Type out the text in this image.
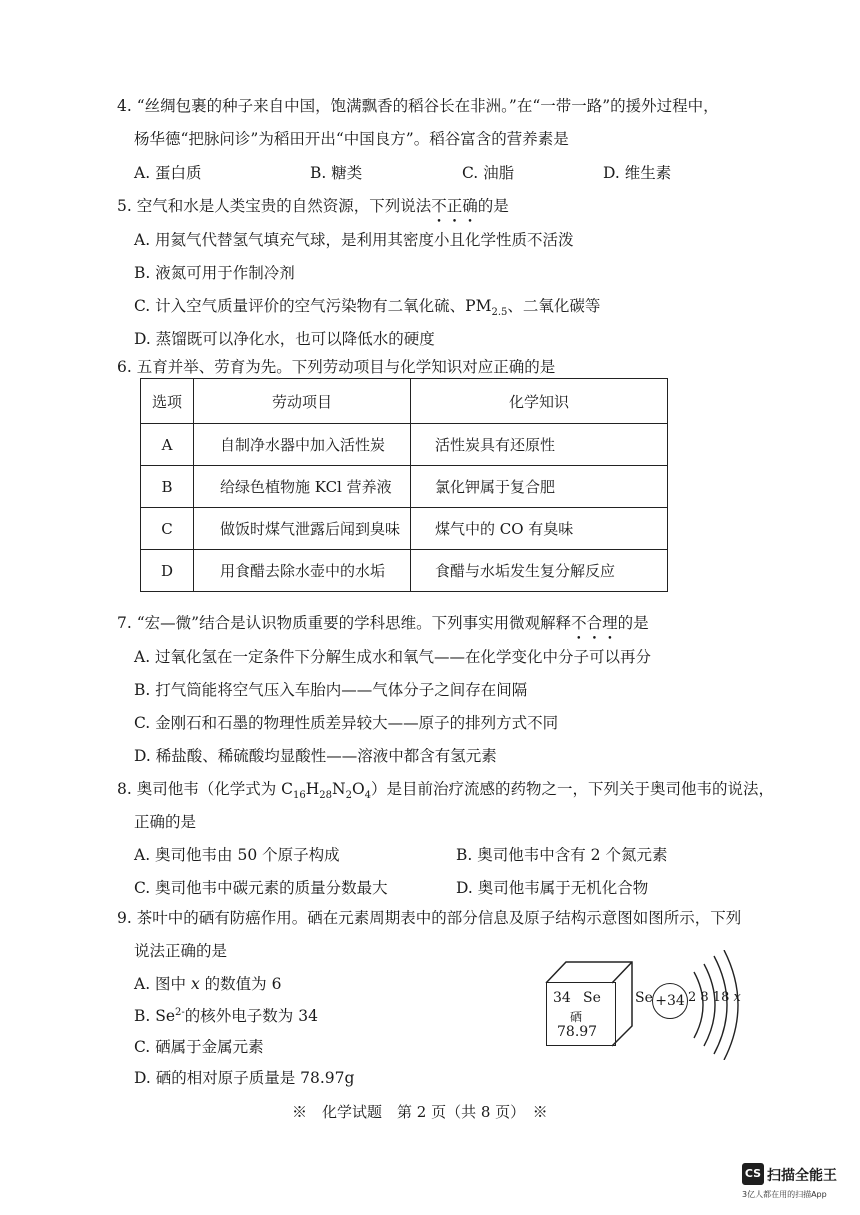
4. “丝绸包裹的种子来自中国，饱满飘香的稻谷长在非洲。”在“一带一路”的援外过程中，
杨华德“把脉问诊”为稻田开出“中国良方”。稻谷富含的营养素是
A. 蛋白质	B. 糖类	C. 油脂	D. 维生素
5. 空气和水是人类宝贵的自然资源，下列说法不正确的是
A. 用氦气代替氢气填充气球，是利用其密度小且化学性质不活泼
B. 液氮可用于作制冷剂
C. 计入空气质量评价的空气污染物有二氧化硫、$PM_{2.5}$、二氧化碳等
D. 蒸馏既可以净化水，也可以降低水的硬度
6. 五育并举、劳育为先。下列劳动项目与化学知识对应正确的是
选项	劳动项目	化学知识
A	自制净水器中加入活性炭	活性炭具有还原性
B	给绿色植物施 KCl 营养液	氯化钾属于复合肥
C	做饭时煤气泄露后闻到臭味	煤气中的 CO 有臭味
D	用食醋去除水壶中的水垢	食醋与水垢发生复分解反应
7. “宏—微”结合是认识物质重要的学科思维。下列事实用微观解释不合理的是
A. 过氧化氢在一定条件下分解生成水和氧气——在化学变化中分子可以再分
B. 打气筒能将空气压入车胎内——气体分子之间存在间隔
C. 金刚石和石墨的物理性质差异较大——原子的排列方式不同
D. 稀盐酸、稀硫酸均显酸性——溶液中都含有氢元素
8. 奥司他韦（化学式为 $C_{16}H_{28}N_2O_4$）是目前治疗流感的药物之一，下列关于奥司他韦的说法，
正确的是
A. 奥司他韦由 50 个原子构成	B. 奥司他韦中含有 2 个氮元素
C. 奥司他韦中碳元素的质量分数最大	D. 奥司他韦属于无机化合物
9. 茶叶中的硒有防癌作用。硒在元素周期表中的部分信息及原子结构示意图如图所示，下列
说法正确的是
A. 图中 x 的数值为 6
B. $Se^{2-}$的核外电子数为 34
C. 硒属于金属元素
D. 硒的相对原子质量是 78.97g
34 Se
硒
78.97
Se +34 2 8 18 x
※　化学试题　第 2 页（共 8 页）　※
CS 扫描全能王
3亿人都在用的扫描App
